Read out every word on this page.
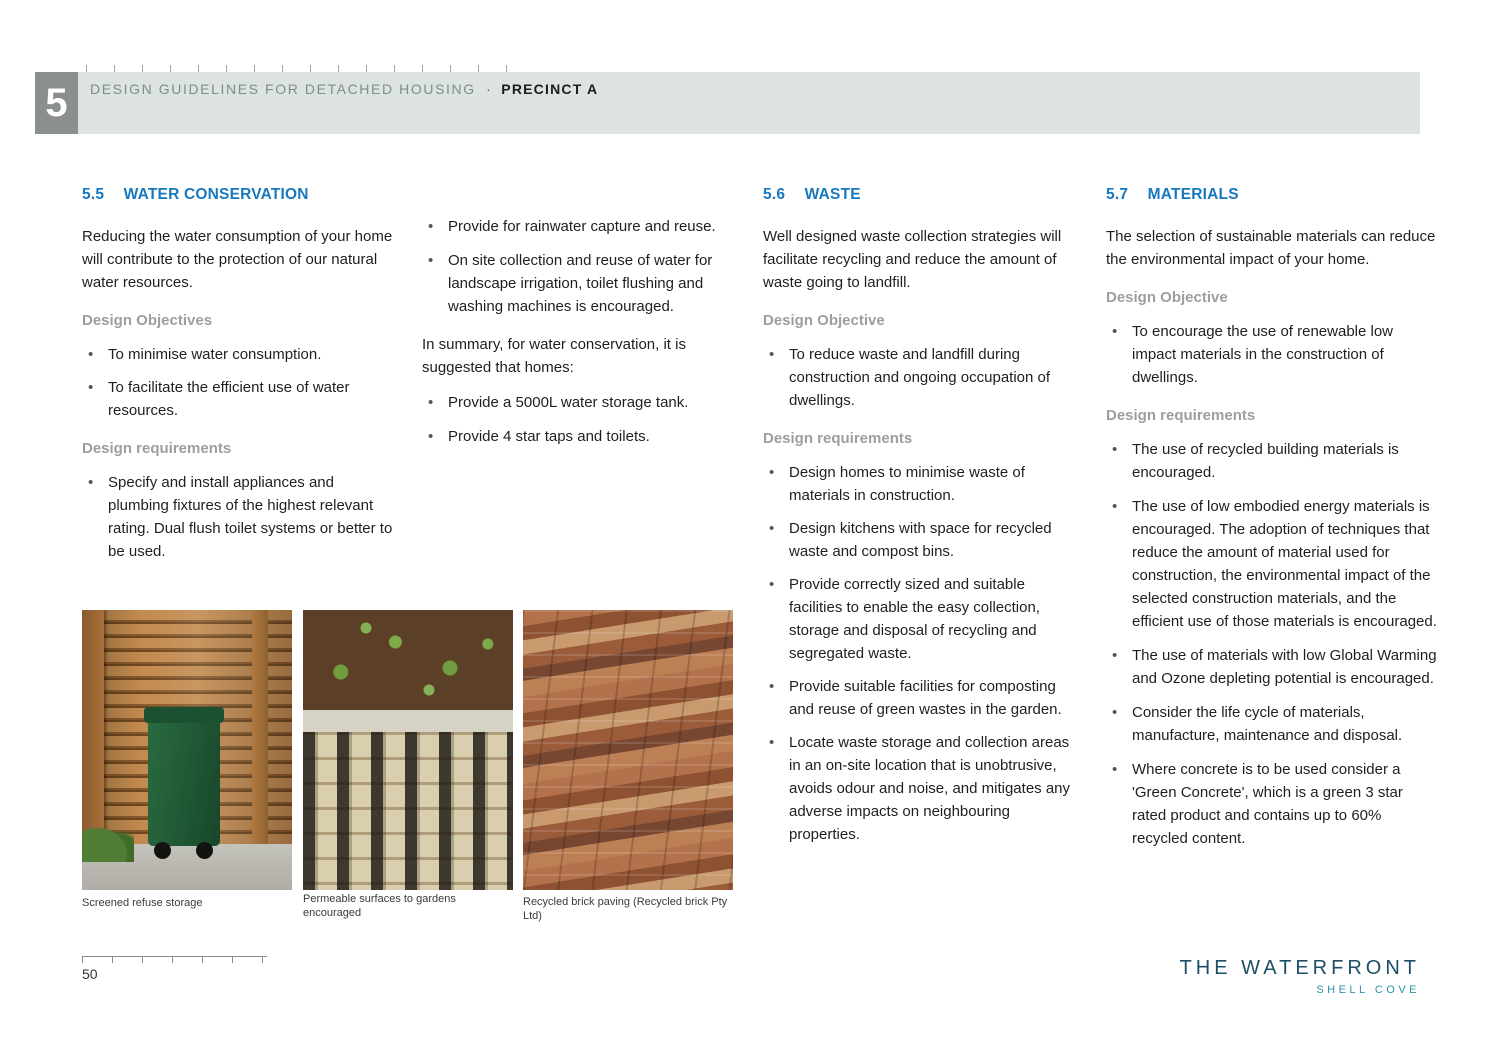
5	DESIGN GUIDELINES FOR DETACHED HOUSING · PRECINCT A
5.5 WATER CONSERVATION

Reducing the water consumption of your home will contribute to the protection of our natural water resources.

Design Objectives
• To minimise water consumption.
• To facilitate the efficient use of water resources.
Design requirements
• Specify and install appliances and plumbing fixtures of the highest relevant rating. Dual flush toilet systems or better to be used.
• Provide for rainwater capture and reuse.
• On site collection and reuse of water for landscape irrigation, toilet flushing and washing machines is encouraged.

In summary, for water conservation, it is suggested that homes:

• Provide a 5000L water storage tank.
• Provide 4 star taps and toilets.
5.6 WASTE

Well designed waste collection strategies will facilitate recycling and reduce the amount of waste going to landfill.

Design Objective
• To reduce waste and landfill during construction and ongoing occupation of dwellings.
Design requirements
• Design homes to minimise waste of materials in construction.
• Design kitchens with space for recycled waste and compost bins.
• Provide correctly sized and suitable facilities to enable the easy collection, storage and disposal of recycling and segregated waste.
• Provide suitable facilities for composting and reuse of green wastes in the garden.
• Locate waste storage and collection areas in an on-site location that is unobtrusive, avoids odour and noise, and mitigates any adverse impacts on neighbouring properties.
5.7 MATERIALS

The selection of sustainable materials can reduce the environmental impact of your home.

Design Objective
• To encourage the use of renewable low impact materials in the construction of dwellings.
Design requirements
• The use of recycled building materials is encouraged.
• The use of low embodied energy materials is encouraged. The adoption of techniques that reduce the amount of material used for construction, the environmental impact of the selected construction materials, and the efficient use of those materials is encouraged.
• The use of materials with low Global Warming and Ozone depleting potential is encouraged.
• Consider the life cycle of materials, manufacture, maintenance and disposal.
• Where concrete is to be used consider a 'Green Concrete', which is a green 3 star rated product and contains up to 60% recycled content.
Screened refuse storage	Permeable surfaces to gardens encouraged
Recycled brick paving (Recycled brick Pty Ltd)
50	THE WATERFRONT
SHELL COVE
